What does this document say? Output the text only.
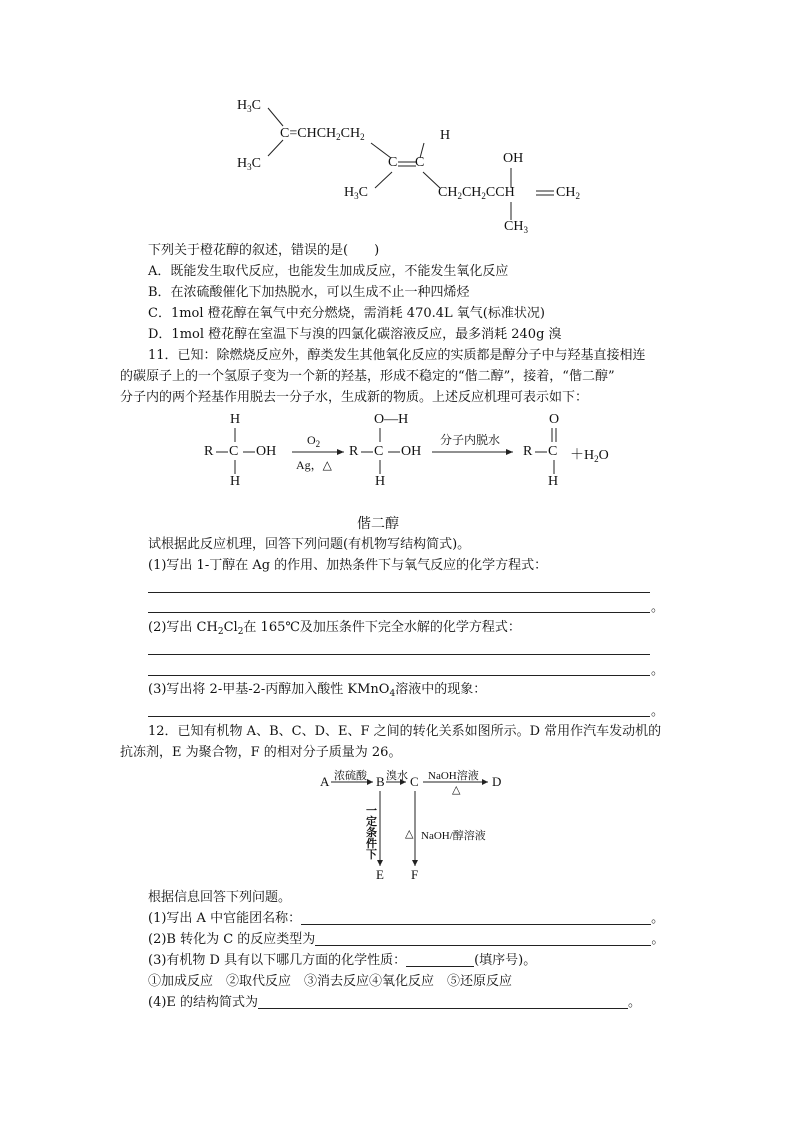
$H_3C$
$C=CHCH_2CH_2$
$H_3C$
H
C C	OH
$H_3C$	$CH_2CH_2CCH$	$CH_2$
$CH_3$
下列关于橙花醇的叙述，错误的是(　　)
A．既能发生取代反应，也能发生加成反应，不能发生氧化反应
B．在浓硫酸催化下加热脱水，可以生成不止一种四烯烃
C．1mol 橙花醇在氧气中充分燃烧，需消耗 470.4L 氧气(标准状况)
D．1mol 橙花醇在室温下与溴的四氯化碳溶液反应，最多消耗 240g 溴
11．已知：除燃烧反应外，醇类发生其他氧化反应的实质都是醇分子中与羟基直接相连
的碳原子上的一个氢原子变为一个新的羟基，形成不稳定的“偕二醇”，接着，“偕二醇”
分子内的两个羟基作用脱去一分子水，生成新的物质。上述反应机理可表示如下：
H
R C OH
H
$O_2$
Ag，△
O—H
R C OH
H
分子内脱水
O
R C
H
$+H_2O$
偕二醇
试根据此反应机理，回答下列问题(有机物写结构简式)。
(1)写出 1-丁醇在 Ag 的作用、加热条件下与氧气反应的化学方程式：
。
(2)写出 $CH_2Cl_2$在 165℃及加压条件下完全水解的化学方程式：
。
(3)写出将 2-甲基-2-丙醇加入酸性 KMnO$_4$溶液中的现象：
。
12．已知有机物 A、B、C、D、E、F 之间的转化关系如图所示。D 常用作汽车发动机的
抗冻剂，E 为聚合物，F 的相对分子质量为 26。
A	B C	D
E F
浓硫酸 溴水 NaOH溶液
△
一
定
条
件
下
△ NaOH/醇溶液
根据信息回答下列问题。
(1)写出 A 中官能团名称：	。
(2)B 转化为 C 的反应类型为	。
(3)有机物 D 具有以下哪几方面的化学性质：	(填序号)。
①加成反应　②取代反应　③消去反应④氧化反应　⑤还原反应
(4)E 的结构简式为	。
